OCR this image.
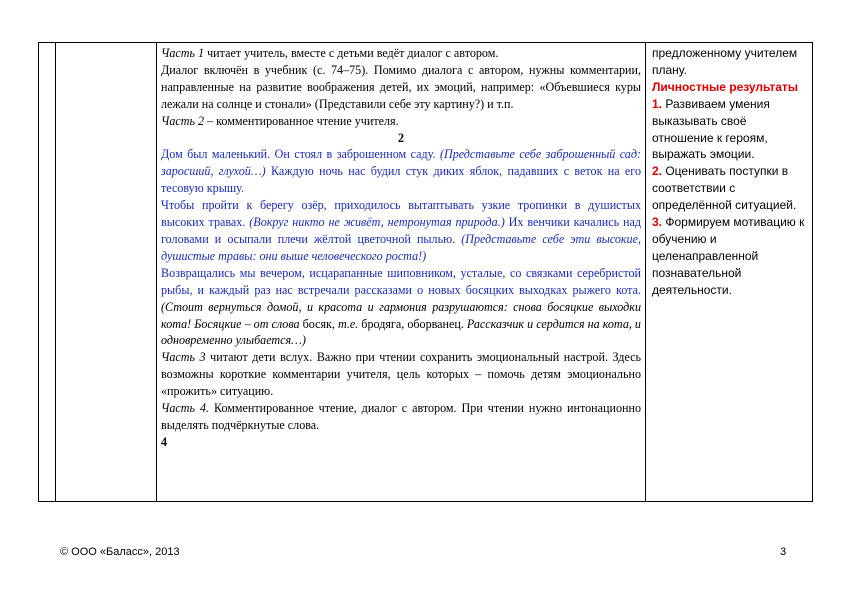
Часть 1 читает учитель, вместе с детьми ведёт диалог с автором.

Диалог включён в учебник (с. 74–75). Помимо диалога с автором, нужны комментарии, направленные на развитие воображения детей, их эмоций, например: «Объевшиеся куры лежали на солнце и стонали» (Представили себе эту картину?) и т.п.

Часть 2 – комментированное чтение учителя.

2

Дом был маленький. Он стоял в заброшенном саду. (Представьте себе заброшенный сад: заросший, глухой…) Каждую ночь нас будил стук диких яблок, падавших с веток на его тесовую крышу.

Чтобы пройти к берегу озёр, приходилось вытаптывать узкие тропинки в душистых высоких травах. (Вокруг никто не живёт, нетронутая природа.) Их венчики качались над головами и осыпали плечи жёлтой цветочной пылью. (Представьте себе эти высокие, душистые травы: они выше человеческого роста!)

Возвращались мы вечером, исцарапанные шиповником, усталые, со связками серебристой рыбы, и каждый раз нас встречали рассказами о новых босяцких выходках рыжего кота. (Стоит вернуться домой, и красота и гармония разрушаются: снова босяцкие выходки кота! Босяцкие – от слова босяк, т.е. бродяга, оборванец. Рассказчик и сердится на кота, и одновременно улыбается…)

Часть 3 читают дети вслух. Важно при чтении сохранить эмоциональный настрой. Здесь возможны короткие комментарии учителя, цель которых – помочь детям эмоционально «прожить» ситуацию.

Часть 4. Комментированное чтение, диалог с автором. При чтении нужно интонационно выделять подчёркнутые слова.

4

предложенному учителем плану.

Личностные результаты

1. Развиваем умения выказывать своё отношение к героям, выражать эмоции.

2. Оценивать поступки в соответствии с определённой ситуацией.

3. Формируем мотивацию к обучению и целенаправленной познавательной деятельности.

© ООО «Баласс», 2013	3
